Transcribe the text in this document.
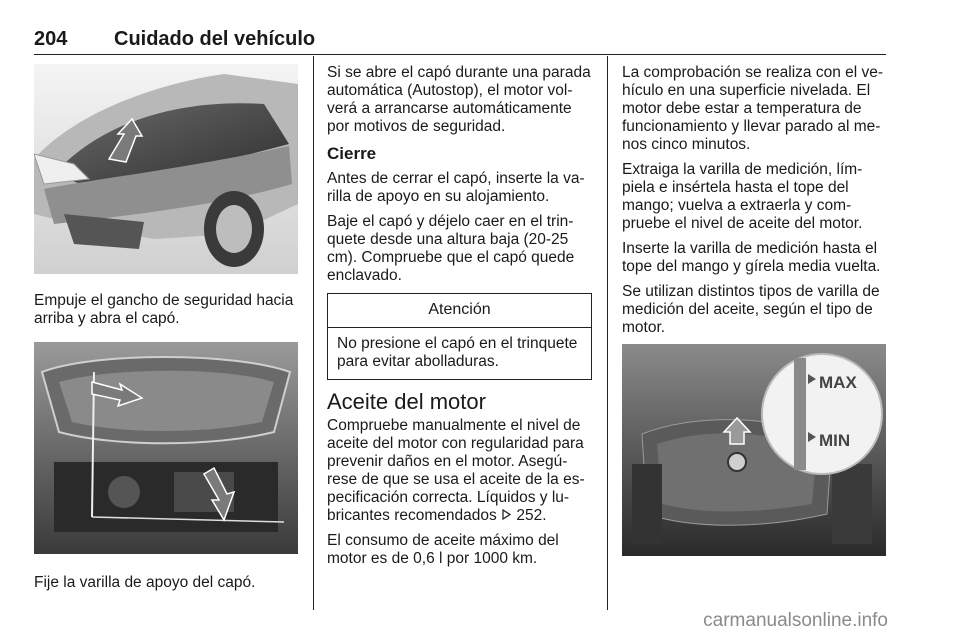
204 Cuidado del vehículo

Empuje el gancho de seguridad hacia arriba y abra el capó.

Fije la varilla de apoyo del capó.

Si se abre el capó durante una parada automática (Autostop), el motor vol- verá a arrancarse automáticamente por motivos de seguridad.

Cierre

Antes de cerrar el capó, inserte la va- rilla de apoyo en su alojamiento.

Baje el capó y déjelo caer en el trin- quete desde una altura baja (20-25 cm). Compruebe que el capó quede enclavado.

Atención
No presione el capó en el trinquete para evitar abolladuras.
Aceite del motor

Compruebe manualmente el nivel de aceite del motor con regularidad para prevenir daños en el motor. Asegú- rese de que se usa el aceite de la es- pecificación correcta. Líquidos y lu- bricantes recomendados 252.

El consumo de aceite máximo del motor es de 0,6 l por 1000 km.

La comprobación se realiza con el ve- hículo en una superficie nivelada. El motor debe estar a temperatura de funcionamiento y llevar parado al me- nos cinco minutos.

Extraiga la varilla de medición, lím- piela e insértela hasta el tope del mango; vuelva a extraerla y com- pruebe el nivel de aceite del motor.

Inserte la varilla de medición hasta el tope del mango y gírela media vuelta.

Se utilizan distintos tipos de varilla de medición del aceite, según el tipo de motor.

MAX
MIN
carmanualsonline.info
